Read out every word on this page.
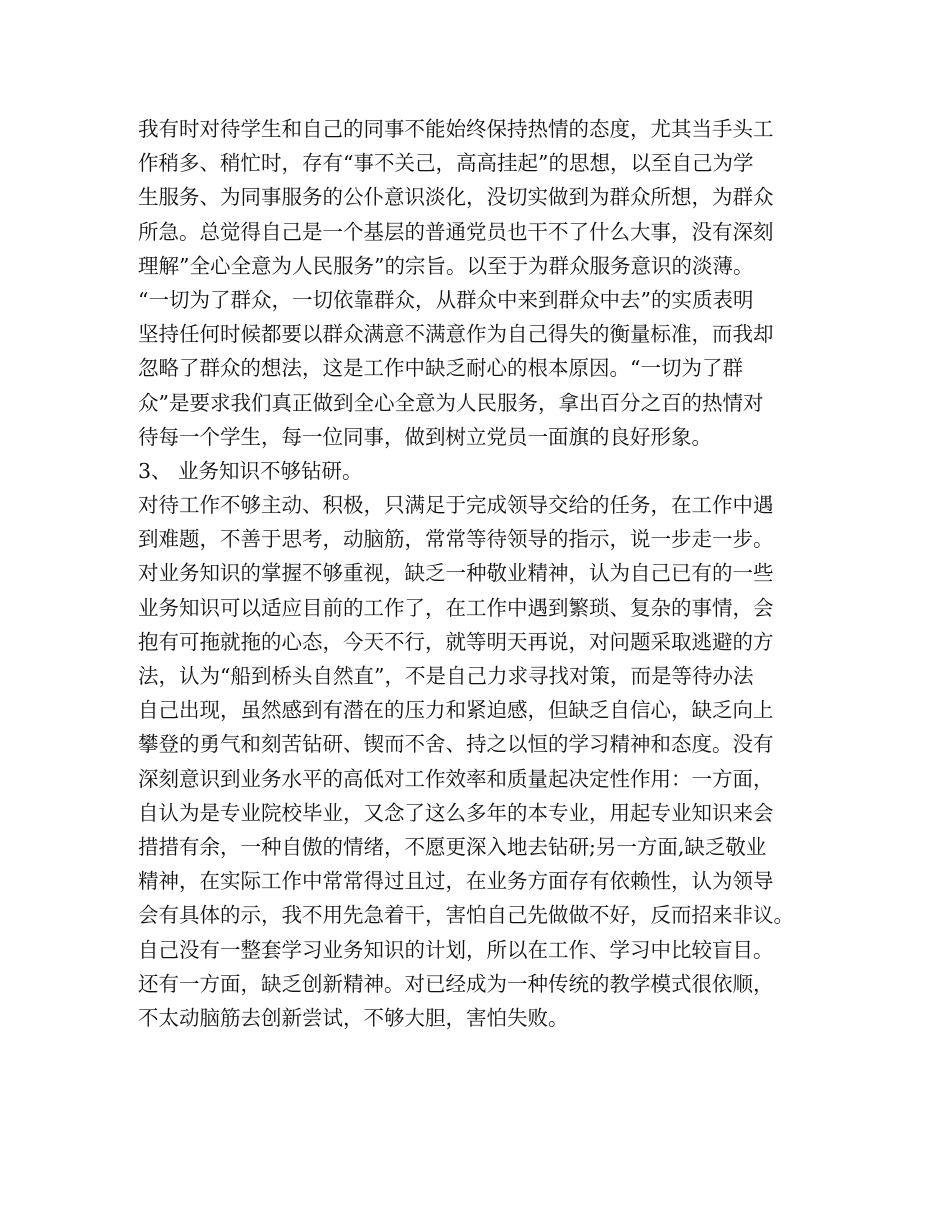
我有时对待学生和自己的同事不能始终保持热情的态度，尤其当手头工
作稍多、稍忙时，存有“事不关己，高高挂起”的思想，以至自己为学
生服务、为同事服务的公仆意识淡化，没切实做到为群众所想，为群众
所急。总觉得自己是一个基层的普通党员也干不了什么大事，没有深刻
理解”全心全意为人民服务”的宗旨。以至于为群众服务意识的淡薄。
“一切为了群众，一切依靠群众，从群众中来到群众中去”的实质表明
坚持任何时候都要以群众满意不满意作为自己得失的衡量标准，而我却
忽略了群众的想法，这是工作中缺乏耐心的根本原因。“一切为了群
众”是要求我们真正做到全心全意为人民服务，拿出百分之百的热情对
待每一个学生，每一位同事，做到树立党员一面旗的良好形象。
3、 业务知识不够钻研。
对待工作不够主动、积极，只满足于完成领导交给的任务，在工作中遇
到难题，不善于思考，动脑筋，常常等待领导的指示，说一步走一步。
对业务知识的掌握不够重视，缺乏一种敬业精神，认为自己已有的一些
业务知识可以适应目前的工作了，在工作中遇到繁琐、复杂的事情，会
抱有可拖就拖的心态，今天不行，就等明天再说，对问题采取逃避的方
法，认为“船到桥头自然直”，不是自己力求寻找对策，而是等待办法
自己出现，虽然感到有潜在的压力和紧迫感，但缺乏自信心，缺乏向上
攀登的勇气和刻苦钻研、锲而不舍、持之以恒的学习精神和态度。没有
深刻意识到业务水平的高低对工作效率和质量起决定性作用：一方面，
自认为是专业院校毕业，又念了这么多年的本专业，用起专业知识来会
措措有余，一种自傲的情绪，不愿更深入地去钻研;另一方面,缺乏敬业
精神，在实际工作中常常得过且过，在业务方面存有依赖性，认为领导
会有具体的示，我不用先急着干，害怕自己先做做不好，反而招来非议。
自己没有一整套学习业务知识的计划，所以在工作、学习中比较盲目。
还有一方面，缺乏创新精神。对已经成为一种传统的教学模式很依顺，
不太动脑筋去创新尝试，不够大胆，害怕失败。
